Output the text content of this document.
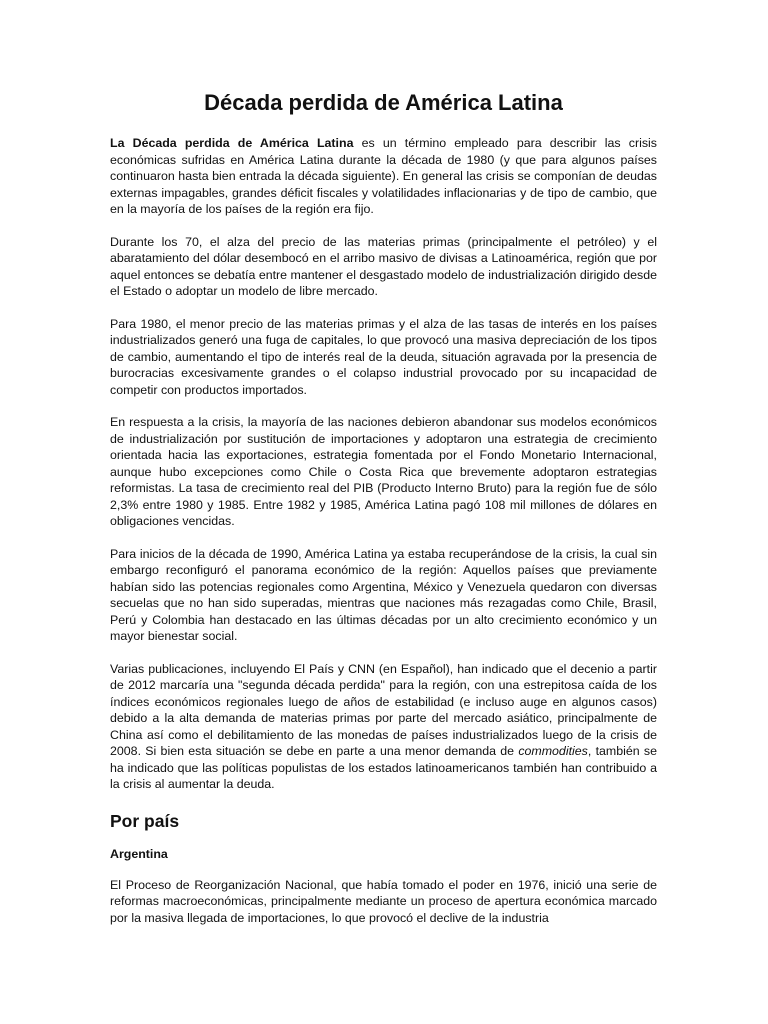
Década perdida de América Latina

La Década perdida de América Latina es un término empleado para describir las crisis económicas sufridas en América Latina durante la década de 1980 (y que para algunos países continuaron hasta bien entrada la década siguiente). En general las crisis se componían de deudas externas impagables, grandes déficit fiscales y volatilidades inflacionarias y de tipo de cambio, que en la mayoría de los países de la región era fijo.

Durante los 70, el alza del precio de las materias primas (principalmente el petróleo) y el abaratamiento del dólar desembocó en el arribo masivo de divisas a Latinoamérica, región que por aquel entonces se debatía entre mantener el desgastado modelo de industrialización dirigido desde el Estado o adoptar un modelo de libre mercado.

Para 1980, el menor precio de las materias primas y el alza de las tasas de interés en los países industrializados generó una fuga de capitales, lo que provocó una masiva depreciación de los tipos de cambio, aumentando el tipo de interés real de la deuda, situación agravada por la presencia de burocracias excesivamente grandes o el colapso industrial provocado por su incapacidad de competir con productos importados.

En respuesta a la crisis, la mayoría de las naciones debieron abandonar sus modelos económicos de industrialización por sustitución de importaciones y adoptaron una estrategia de crecimiento orientada hacia las exportaciones, estrategia fomentada por el Fondo Monetario Internacional, aunque hubo excepciones como Chile o Costa Rica que brevemente adoptaron estrategias reformistas. La tasa de crecimiento real del PIB (Producto Interno Bruto) para la región fue de sólo 2,3% entre 1980 y 1985. Entre 1982 y 1985, América Latina pagó 108 mil millones de dólares en obligaciones vencidas.

Para inicios de la década de 1990, América Latina ya estaba recuperándose de la crisis, la cual sin embargo reconfiguró el panorama económico de la región: Aquellos países que previamente habían sido las potencias regionales como Argentina, México y Venezuela quedaron con diversas secuelas que no han sido superadas, mientras que naciones más rezagadas como Chile, Brasil, Perú y Colombia han destacado en las últimas décadas por un alto crecimiento económico y un mayor bienestar social.

Varias publicaciones, incluyendo El País y CNN (en Español), han indicado que el decenio a partir de 2012 marcaría una "segunda década perdida" para la región, con una estrepitosa caída de los índices económicos regionales luego de años de estabilidad (e incluso auge en algunos casos) debido a la alta demanda de materias primas por parte del mercado asiático, principalmente de China así como el debilitamiento de las monedas de países industrializados luego de la crisis de 2008. Si bien esta situación se debe en parte a una menor demanda de commodities, también se ha indicado que las políticas populistas de los estados latinoamericanos también han contribuido a la crisis al aumentar la deuda.

Por país
Argentina

El Proceso de Reorganización Nacional, que había tomado el poder en 1976, inició una serie de reformas macroeconómicas, principalmente mediante un proceso de apertura económica marcado por la masiva llegada de importaciones, lo que provocó el declive de la industria
